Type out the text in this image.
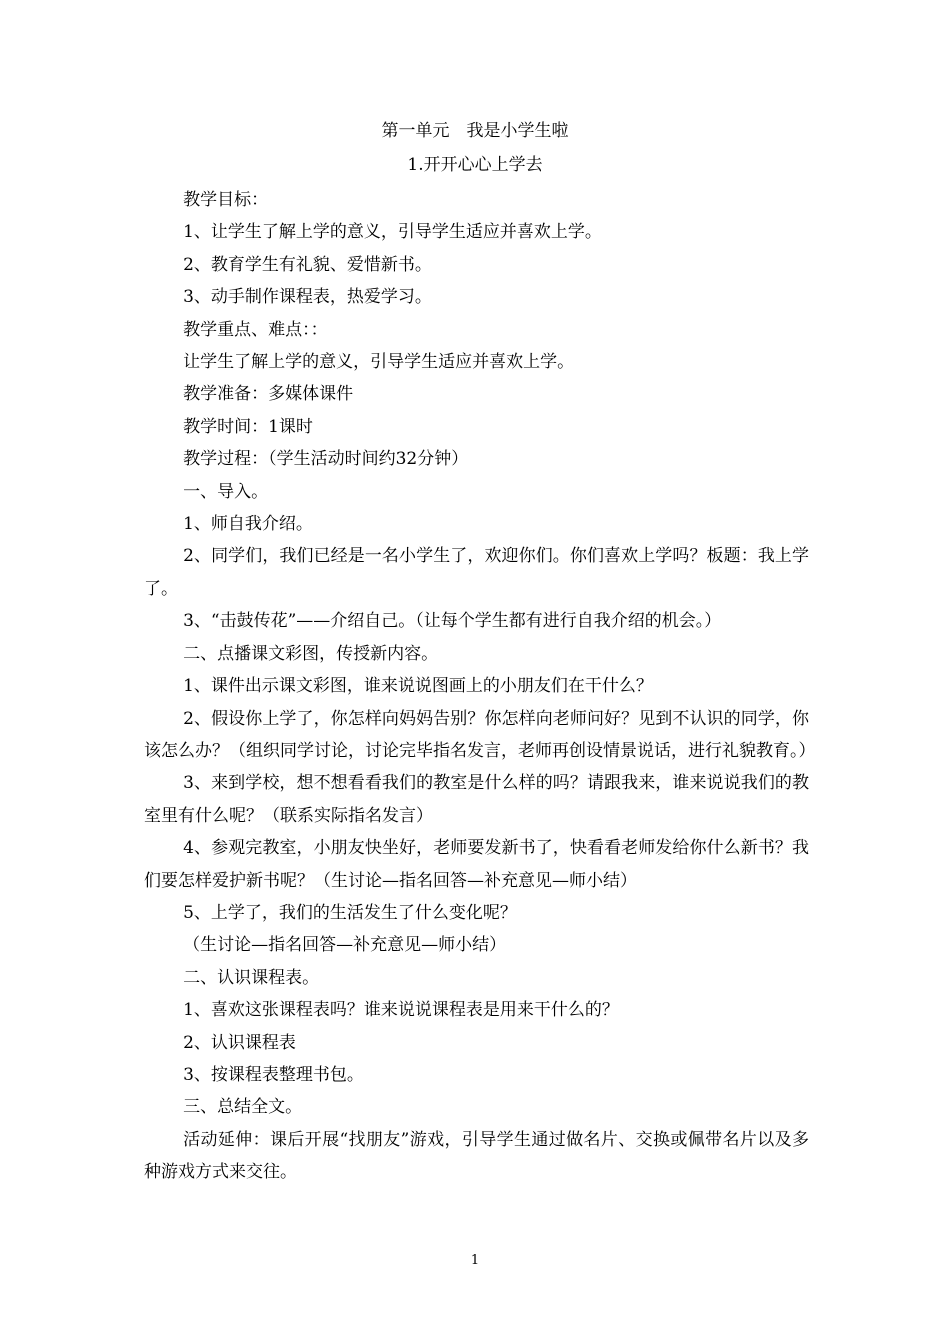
第一单元　我是小学生啦
1.开开心心上学去

教学目标：

1、让学生了解上学的意义，引导学生适应并喜欢上学。

2、教育学生有礼貌、爱惜新书。

3、动手制作课程表，热爱学习。

教学重点、难点：：

让学生了解上学的意义，引导学生适应并喜欢上学。

教学准备：多媒体课件

教学时间：1课时

教学过程：（学生活动时间约32分钟）

一、导入。

1、师自我介绍。

2、同学们，我们已经是一名小学生了，欢迎你们。你们喜欢上学吗？板题：我上学了。

3、“击鼓传花”——介绍自己。（让每个学生都有进行自我介绍的机会。）

二、点播课文彩图，传授新内容。

1、课件出示课文彩图，谁来说说图画上的小朋友们在干什么？

2、假设你上学了，你怎样向妈妈告别？你怎样向老师问好？见到不认识的同学，你该怎么办？（组织同学讨论，讨论完毕指名发言，老师再创设情景说话，进行礼貌教育。）

3、来到学校，想不想看看我们的教室是什么样的吗？请跟我来，谁来说说我们的教室里有什么呢？（联系实际指名发言）

4、参观完教室，小朋友快坐好，老师要发新书了，快看看老师发给你什么新书？我们要怎样爱护新书呢？（生讨论—指名回答—补充意见—师小结）

5、上学了，我们的生活发生了什么变化呢？

（生讨论—指名回答—补充意见—师小结）

二、认识课程表。

1、喜欢这张课程表吗？谁来说说课程表是用来干什么的？

2、认识课程表

3、按课程表整理书包。

三、总结全文。

活动延伸：课后开展“找朋友”游戏，引导学生通过做名片、交换或佩带名片以及多种游戏方式来交往。

1
